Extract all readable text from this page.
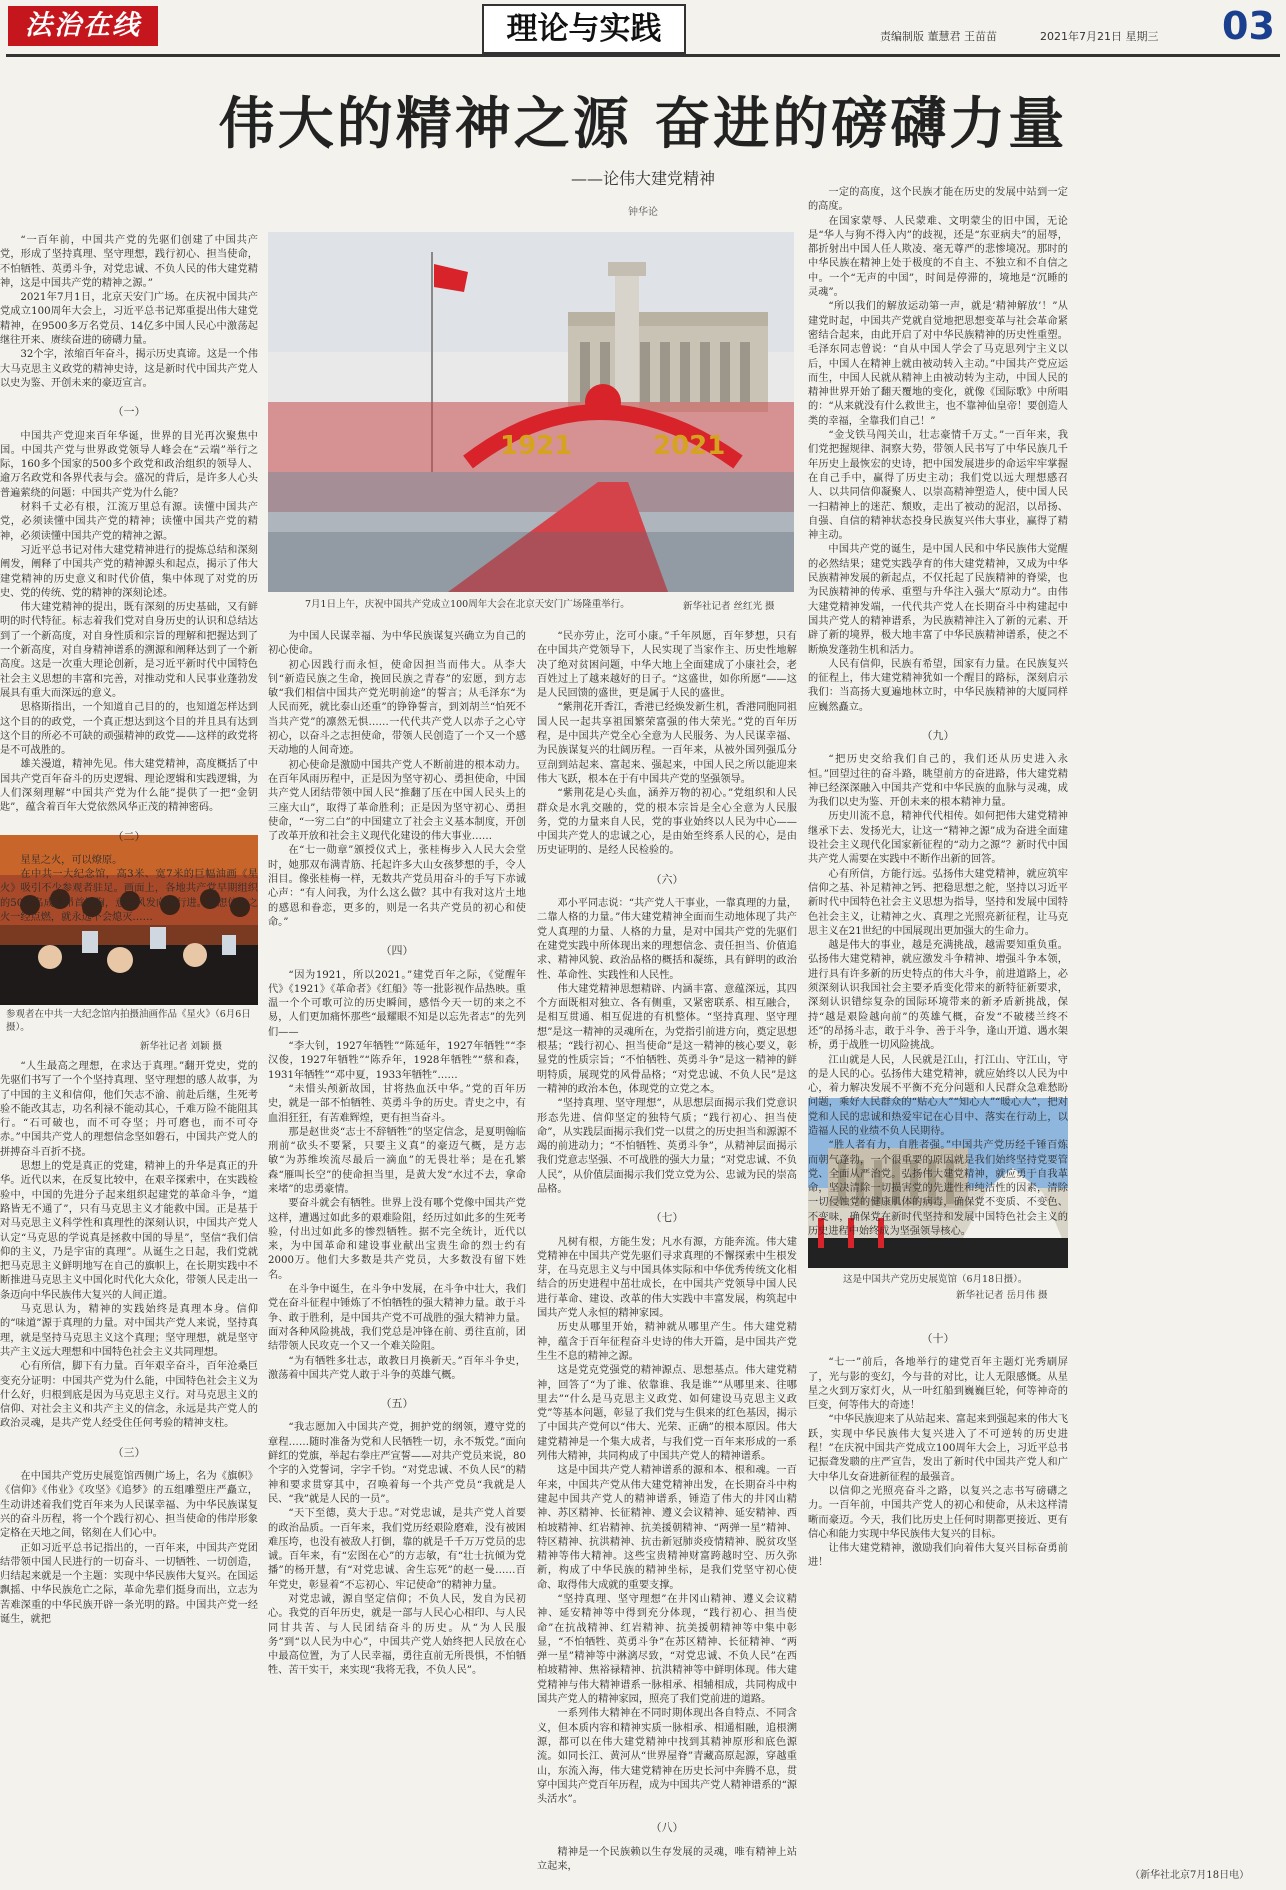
法治在线	理论与实践	责编制版 董慧君 王苗苗	2021年7月21日 星期三 03
伟大的精神之源 奋进的磅礴力量
——论伟大建党精神
钟华论
1921	2021
7月1日上午，庆祝中国共产党成立100周年大会在北京天安门广场隆重举行。	新华社记者 丝红光 摄
参观者在中共一大纪念馆内拍摄油画作品《星火》（6月6日摄）。
新华社记者 刘颖 摄
这是中国共产党历史展览馆（6月18日摄）。
新华社记者 岳月伟 摄

“一百年前，中国共产党的先驱们创建了中国共产党，形成了坚持真理、坚守理想，践行初心、担当使命，不怕牺牲、英勇斗争，对党忠诚、不负人民的伟大建党精神，这是中国共产党的精神之源。”

2021年7月1日，北京天安门广场。在庆祝中国共产党成立100周年大会上，习近平总书记郑重提出伟大建党精神，在9500多万名党员、14亿多中国人民心中激荡起继往开来、赓续奋进的磅礴力量。

32个字，浓缩百年奋斗，揭示历史真谛。这是一个伟大马克思主义政党的精神史诗，这是新时代中国共产党人以史为鉴、开创未来的豪迈宣言。

（一）

中国共产党迎来百年华诞，世界的目光再次聚焦中国。中国共产党与世界政党领导人峰会在“云端”举行之际，160多个国家的500多个政党和政治组织的领导人、逾万名政党和各界代表与会。盛况的背后，是许多人心头普遍萦绕的问题：中国共产党为什么能？

材料千丈必有根，江流万里总有源。读懂中国共产党，必须读懂中国共产党的精神；读懂中国共产党的精神，必须读懂中国共产党的精神之源。

习近平总书记对伟大建党精神进行的提炼总结和深刻阐发，阐释了中国共产党的精神源头和起点，揭示了伟大建党精神的历史意义和时代价值，集中体现了对党的历史、党的传统、党的精神的深刻论述。

伟大建党精神的提出，既有深刻的历史基础，又有鲜明的时代特征。标志着我们党对自身历史的认识和总结达到了一个新高度，对自身性质和宗旨的理解和把握达到了一个新高度，对自身精神谱系的溯源和阐释达到了一个新高度。这是一次重大理论创新，是习近平新时代中国特色社会主义思想的丰富和完善，对推动党和人民事业蓬勃发展具有重大而深远的意义。

思格斯指出，一个知道自己目的的，也知道怎样达到这个目的的政党，一个真正想达到这个目的并且具有达到这个目的所必不可缺的顽强精神的政党——这样的政党将是不可战胜的。

雄关漫道，精神先见。伟大建党精神，高度概括了中国共产党百年奋斗的历史逻辑、理论逻辑和实践逻辑，为人们深刻理解“中国共产党为什么能”提供了一把“金钥匙”，蕴含着百年大党依然风华正茂的精神密码。

（二）

星星之火，可以燎原。

在中共一大纪念馆，高3米、宽7米的巨幅油画《星火》吸引不少参观者驻足。画面上，各地共产党早期组织的50余名成员昂首挺胸，意气风发向前行进。理想信念之火一经点燃，就永远不会熄灭……

“人生最高之理想，在求达于真理。”翻开党史，党的先驱们书写了一个个坚持真理、坚守理想的感人故事，为了中国的主义和信仰，他们矢志不渝、前赴后继，生死考验不能改其志，功名利禄不能动其心，千难万险不能阻其行。“石可破也，而不可夺坚；丹可磨也，而不可夺赤。”中国共产党人的理想信念坚如磐石，中国共产党人的拼搏奋斗百折不挠。

思想上的党是真正的党建，精神上的升华是真正的升华。近代以来，在反复比较中，在艰辛探索中，在实践检验中，中国的先进分子起来组织起建党的革命斗争，“道路皆无不通了”，只有马克思主义才能救中国。正是基于对马克思主义科学性和真理性的深刻认识，中国共产党人认定“马克思的学说真是拯救中国的导星”，坚信“我们信仰的主义，乃是宇宙的真理”。从诞生之日起，我们党就把马克思主义鲜明地写在自己的旗帜上，在长期实践中不断推进马克思主义中国化时代化大众化，带领人民走出一条迈向中华民族伟大复兴的人间正道。

马克思认为，精神的实践始终是真理本身。信仰的“味道”源于真理的力量。对中国共产党人来说，坚持真理，就是坚持马克思主义这个真理；坚守理想，就是坚守共产主义远大理想和中国特色社会主义共同理想。

心有所信，脚下有力量。百年艰辛奋斗，百年沧桑巨变充分证明：中国共产党为什么能，中国特色社会主义为什么好，归根到底是因为马克思主义行。对马克思主义的信仰、对社会主义和共产主义的信念，永远是共产党人的政治灵魂，是共产党人经受住任何考验的精神支柱。

（三）

在中国共产党历史展览馆西侧广场上，名为《旗帜》《信仰》《伟业》《攻坚》《追梦》的五组雕塑庄严矗立，生动讲述着我们党百年来为人民谋幸福、为中华民族谋复兴的奋斗历程，将一个个践行初心、担当使命的伟岸形象定格在天地之间，铭刻在人们心中。

正如习近平总书记指出的，一百年来，中国共产党团结带领中国人民进行的一切奋斗、一切牺牲、一切创造，归结起来就是一个主题：实现中华民族伟大复兴。在国运飘摇、中华民族危亡之际，革命先辈们挺身而出，立志为苦难深重的中华民族开辟一条光明的路。中国共产党一经诞生，就把

为中国人民谋幸福、为中华民族谋复兴确立为自己的初心使命。

初心因践行而永恒，使命因担当而伟大。从李大钊“新造民族之生命，挽回民族之青春”的宏愿，到方志敏“我们相信中国共产党光明前途”的誓言；从毛泽东“为人民而死，就比泰山还重”的铮铮誓言，到刘胡兰“怕死不当共产党”的凛然无惧……一代代共产党人以赤子之心守初心，以奋斗之志担使命，带领人民创造了一个又一个感天动地的人间奇迹。

初心使命是激励中国共产党人不断前进的根本动力。在百年风雨历程中，正是因为坚守初心、勇担使命，中国共产党人团结带领中国人民“推翻了压在中国人民头上的三座大山”，取得了革命胜利；正是因为坚守初心、勇担使命，“一穷二白”的中国建立了社会主义基本制度，开创了改革开放和社会主义现代化建设的伟大事业……

在“七一勋章”颁授仪式上，张桂梅步入人民大会堂时，她那双布满青筋、托起许多大山女孩梦想的手，令人泪目。像张桂梅一样，无数共产党员用奋斗的手写下赤诚心声：“有人问我，为什么这么做？其中有我对这片土地的感恩和眷恋，更多的，则是一名共产党员的初心和使命。”

（四）

“因为1921，所以2021。”建党百年之际，《觉醒年代》《1921》《革命者》《红船》等一批影视作品热映。重温一个个可歌可泣的历史瞬间，感悟今天一切的来之不易，人们更加痛怀那些“最耀眼不知是以忘先者志”的先列们——

“李大钊，1927年牺牲”“陈延年，1927年牺牲”“李汉俊，1927年牺牲”“陈乔年，1928年牺牲”“蔡和森，1931年牺牲”“邓中夏，1933年牺牲”……

“未惜头颅新故国，甘将热血沃中华。”党的百年历史，就是一部不怕牺牲、英勇斗争的历史。青史之中，有血泪狂狂，有苦难辉煌，更有担当奋斗。

那是赵世炎“志士不辞牺牲”的坚定信念，是夏明翰临刑前“砍头不要紧，只要主义真”的豪迈气概，是方志敏“为苏维埃流尽最后一滴血”的无畏壮举；是在孔繁森“雁叫长空”的使命担当里，是黄大发“水过不去，拿命来堵”的忠勇豪情。

要奋斗就会有牺牲。世界上没有哪个党像中国共产党这样，遭遇过如此多的艰难险阻，经历过如此多的生死考验，付出过如此多的惨烈牺牲。据不完全统计，近代以来，为中国革命和建设事业献出宝贵生命的烈士约有2000万。他们大多数是共产党员，大多数没有留下姓名。

在斗争中诞生，在斗争中发展，在斗争中壮大，我们党在奋斗征程中锤炼了不怕牺牲的强大精神力量。敢于斗争、敢于胜利，是中国共产党不可战胜的强大精神力量。面对各种风险挑战，我们党总是冲锋在前、勇往直前，团结带领人民攻克一个又一个难关险阻。

“为有牺牲多壮志，敢教日月换新天。”百年斗争史，激荡着中国共产党人敢于斗争的英雄气概。

（五）

“我志愿加入中国共产党，拥护党的纲领，遵守党的章程……随时准备为党和人民牺牲一切，永不叛党。”面向鲜红的党旗，举起右拳庄严宣誓——对共产党员来说，80个字的入党誓词，字字千钧。“对党忠诚、不负人民”的精神和要求贯穿其中，召唤着每一个共产党员“我就是人民、“我”就是人民的一员”。

“天下至德，莫大于忠。”对党忠诚，是共产党人首要的政治品质。一百年来，我们党历经艰险磨难，没有被困难压垮，也没有被敌人打倒，靠的就是千千万万党员的忠诚。百年来，有“宏图在心”的方志敏，有“壮士抗倾为党播”的杨开慧，有“对党忠诚、舍生忘死”的赵一曼……百年党史，彰显着“不忘初心、牢记使命”的精神力量。

对党忠诚，源自坚定信仰；不负人民，发自为民初心。我党的百年历史，就是一部与人民心心相印、与人民同甘共苦、与人民团结奋斗的历史。从“为人民服务”到“以人民为中心”，中国共产党人始终把人民放在心中最高位置，为了人民幸福，勇往直前无所畏惧，不怕牺牲、苦干实干，来实现“我将无我，不负人民”。

“民亦劳止，汔可小康。”千年夙愿，百年梦想，只有在中国共产党领导下，人民实现了当家作主、历史性地解决了绝对贫困问题，中华大地上全面建成了小康社会，老百姓过上了越来越好的日子。“这盛世，如你所愿”——这是人民回馈的盛世，更是属于人民的盛世。

“紫荆花开香江，香港已经焕发新生机，香港同胞同祖国人民一起共享祖国繁荣富强的伟大荣光。”党的百年历程，是中国共产党全心全意为人民服务、为人民谋幸福、为民族谋复兴的壮阔历程。一百年来，从被外国列强瓜分豆剖到站起来、富起来、强起来，中国人民之所以能迎来伟大飞跃，根本在于有中国共产党的坚强领导。

“紫荆花是心头血，涵养万物的初心。”党组织和人民群众是水乳交融的，党的根本宗旨是全心全意为人民服务，党的力量来自人民，党的事业始终以人民为中心——中国共产党人的忠诚之心，是由始至终系人民的心，是由历史证明的、是经人民检验的。

（六）

邓小平同志说：“共产党人干事业，一靠真理的力量，二靠人格的力量。”伟大建党精神全面而生动地体现了共产党人真理的力量、人格的力量，是对中国共产党的先驱们在建党实践中所体现出来的理想信念、责任担当、价值追求、精神风貌、政治品格的概括和凝练，具有鲜明的政治性、革命性、实践性和人民性。

伟大建党精神思想精辟、内涵丰富、意蕴深远，其四个方面既相对独立、各有侧重，又紧密联系、相互融合，是相互贯通、相互促进的有机整体。“坚持真理、坚守理想”是这一精神的灵魂所在，为党指引前进方向，奠定思想根基；“践行初心、担当使命”是这一精神的核心要义，彰显党的性质宗旨；“不怕牺牲、英勇斗争”是这一精神的鲜明特质，展现党的风骨品格；“对党忠诚、不负人民”是这一精神的政治本色，体现党的立党之本。

“坚持真理、坚守理想”，从思想层面揭示我们党意识形态先进、信仰坚定的独特气质；“践行初心、担当使命”，从实践层面揭示我们党一以贯之的历史担当和源源不竭的前进动力；“不怕牺牲、英勇斗争”，从精神层面揭示我们党意志坚强、不可战胜的强大力量；“对党忠诚、不负人民”，从价值层面揭示我们党立党为公、忠诚为民的崇高品格。

（七）

凡树有根，方能生发；凡水有源，方能奔流。伟大建党精神在中国共产党先驱们寻求真理的不懈探索中生根发芽，在马克思主义与中国具体实际和中华优秀传统文化相结合的历史进程中茁壮成长，在中国共产党领导中国人民进行革命、建设、改革的伟大实践中丰富发展，构筑起中国共产党人永恒的精神家园。

历史从哪里开始，精神就从哪里产生。伟大建党精神，蕴含于百年征程奋斗史诗的伟大开篇，是中国共产党生生不息的精神之源。

这是党克党强党的精神源点、思想基点。伟大建党精神，回答了“为了谁、依靠谁、我是谁”“从哪里来、往哪里去”“什么是马克思主义政党、如何建设马克思主义政党”等基本问题，彰显了我们党与生俱来的红色基因，揭示了中国共产党何以“伟大、光荣、正确”的根本原因。伟大建党精神是一个集大成者，与我们党一百年来形成的一系列伟大精神，共同构成了中国共产党人的精神谱系。

这是中国共产党人精神谱系的源和本、根和魂。一百年来，中国共产党从伟大建党精神出发，在长期奋斗中构建起中国共产党人的精神谱系，锤造了伟大的井冈山精神、苏区精神、长征精神、遵义会议精神、延安精神、西柏坡精神、红岩精神、抗美援朝精神、“两弹一星”精神、特区精神、抗洪精神、抗击新冠肺炎疫情精神、脱贫攻坚精神等伟大精神。这些宝贵精神财富跨越时空、历久弥新，构成了中华民族的精神坐标，是我们党坚守初心使命、取得伟大成就的重要支撑。

“坚持真理、坚守理想”在井冈山精神、遵义会议精神、延安精神等中得到充分体现，“践行初心、担当使命”在抗战精神、红岩精神、抗美援朝精神等中集中彰显，“不怕牺牲、英勇斗争”在苏区精神、长征精神、“两弹一星”精神等中淋漓尽致，“对党忠诚、不负人民”在西柏坡精神、焦裕禄精神、抗洪精神等中鲜明体现。伟大建党精神与伟大精神谱系一脉相承、相辅相成，共同构成中国共产党人的精神家园，照亮了我们党前进的道路。

一系列伟大精神在不同时期体现出各自特点、不同含义，但本质内容和精神实质一脉相承、相通相融，追根溯源，都可以在伟大建党精神中找到其精神原形和底色源流。如同长江、黄河从“世界屋脊”青藏高原起源，穿越重山，东流入海，伟大建党精神在历史长河中奔腾不息，贯穿中国共产党百年历程，成为中国共产党人精神谱系的“源头活水”。

（八）

精神是一个民族赖以生存发展的灵魂，唯有精神上站立起来，

一定的高度，这个民族才能在历史的发展中站到一定的高度。

在国家蒙辱、人民蒙难、文明蒙尘的旧中国，无论是“华人与狗不得入内”的歧视，还是“东亚病夫”的屈辱，都折射出中国人任人欺凌、毫无尊严的悲惨境况。那时的中华民族在精神上处于极度的不自主、不独立和不自信之中。一个“无声的中国”，时间是停滞的，境地是“沉睡的灵魂”。

“所以我们的解放运动第一声，就是‘精神解放’！”从建党时起，中国共产党就自觉地把思想变革与社会革命紧密结合起来，由此开启了对中华民族精神的历史性重塑。毛泽东同志曾说：“自从中国人学会了马克思列宁主义以后，中国人在精神上就由被动转入主动。”中国共产党应运而生，中国人民就从精神上由被动转为主动，中国人民的精神世界开始了翻天覆地的变化，就像《国际歌》中所唱的：“从来就没有什么救世主，也不靠神仙皇帝！要创造人类的幸福，全靠我们自己！”

“金戈铁马闯关山，壮志豪情千万丈。”一百年来，我们党把握规律、洞察大势，带领人民书写了中华民族几千年历史上最恢宏的史诗，把中国发展进步的命运牢牢掌握在自己手中，赢得了历史主动；我们党以远大理想感召人、以共同信仰凝聚人、以崇高精神塑造人，使中国人民一扫精神上的迷茫、颓败，走出了被动的泥沼，以昂扬、自强、自信的精神状态投身民族复兴伟大事业，赢得了精神主动。

中国共产党的诞生，是中国人民和中华民族伟大觉醒的必然结果；建党实践孕育的伟大建党精神，又成为中华民族精神发展的新起点，不仅托起了民族精神的脊梁，也为民族精神的传承、重塑与升华注入强大“原动力”。由伟大建党精神发端，一代代共产党人在长期奋斗中构建起中国共产党人的精神谱系，为民族精神注入了新的元素、开辟了新的境界，极大地丰富了中华民族精神谱系，使之不断焕发蓬勃生机和活力。

人民有信仰，民族有希望，国家有力量。在民族复兴的征程上，伟大建党精神犹如一个醒目的路标，深刻启示我们：当高扬大夏遍地林立时，中华民族精神的大厦同样应巍然矗立。

（九）

“把历史交给我们自己的，我们还从历史进入永恒。”回望过往的奋斗路，眺望前方的奋进路，伟大建党精神已经深深融入中国共产党和中华民族的血脉与灵魂，成为我们以史为鉴、开创未来的根本精神力量。

历史川流不息，精神代代相传。如何把伟大建党精神继承下去、发扬光大，让这一“精神之源”成为奋进全面建设社会主义现代化国家新征程的“动力之源”？新时代中国共产党人需要在实践中不断作出新的回答。

心有所信，方能行远。弘扬伟大建党精神，就应筑牢信仰之基、补足精神之钙、把稳思想之舵，坚持以习近平新时代中国特色社会主义思想为指导，坚持和发展中国特色社会主义，让精神之火、真理之光照亮新征程，让马克思主义在21世纪的中国展现出更加强大的生命力。

越是伟大的事业，越是充满挑战，越需要知重负重。弘扬伟大建党精神，就应激发斗争精神、增强斗争本领，进行具有许多新的历史特点的伟大斗争，前进道路上，必须深刻认识我国社会主要矛盾变化带来的新特征新要求，深刻认识错综复杂的国际环境带来的新矛盾新挑战，保持“越是艰险越向前”的英雄气概，奋发“不破楼兰终不还”的昂扬斗志，敢于斗争、善于斗争，逢山开道、遇水架桥，勇于战胜一切风险挑战。

江山就是人民，人民就是江山，打江山、守江山，守的是人民的心。弘扬伟大建党精神，就应始终以人民为中心，着力解决发展不平衡不充分问题和人民群众急难愁盼问题，乘好人民群众的“贴心人”“知心人”“暖心人”，把对党和人民的忠诚和热爱牢记在心目中、落实在行动上，以造福人民的业绩不负人民期待。

“胜人者有力，自胜者强。”中国共产党历经千锤百炼而朝气蓬勃，一个很重要的原因就是我们始终坚持党要管党、全面从严治党。弘扬伟大建党精神，就应勇于自我革命，坚决清除一切损害党的先进性和纯洁性的因素，清除一切侵蚀党的健康肌体的病毒，确保党不变质、不变色、不变味，确保党在新时代坚持和发展中国特色社会主义的历史进程中始终成为坚强领导核心。

（十）

“七一”前后，各地举行的建党百年主题灯光秀刷屏了，光与影的变幻，今与昔的对比，让人无限感慨。从星星之火到万家灯火，从一叶红船到巍巍巨轮，何等神奇的巨变，何等伟大的奇迹！

“中华民族迎来了从站起来、富起来到强起来的伟大飞跃，实现中华民族伟大复兴进入了不可逆转的历史进程！”在庆祝中国共产党成立100周年大会上，习近平总书记振聋发聩的庄严宣告，发出了新时代中国共产党人和广大中华儿女奋进新征程的最强音。

以信仰之光照亮奋斗之路，以复兴之志书写磅礴之力。一百年前，中国共产党人的初心和使命，从未这样清晰而豪迈。今天，我们比历史上任何时期都更接近、更有信心和能力实现中华民族伟大复兴的目标。

让伟大建党精神，激励我们向着伟大复兴目标奋勇前进！

（新华社北京7月18日电）
